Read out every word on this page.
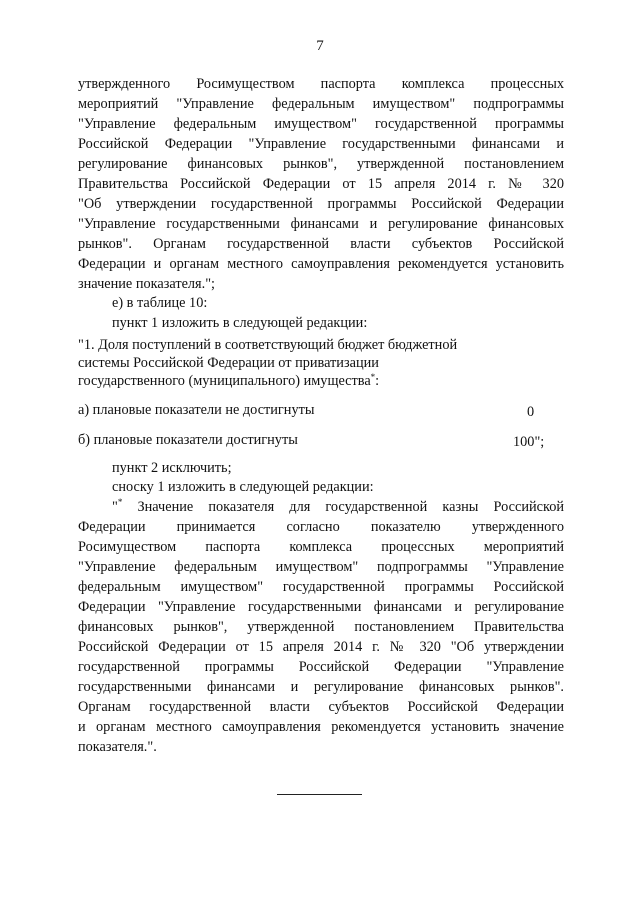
7
утвержденного Росимуществом паспорта комплекса процессных
мероприятий "Управление федеральным имуществом" подпрограммы
"Управление федеральным имуществом" государственной программы
Российской Федерации "Управление государственными финансами и
регулирование финансовых рынков", утвержденной постановлением
Правительства Российской Федерации от 15 апреля 2014 г. № 320
"Об утверждении государственной программы Российской Федерации
"Управление государственными финансами и регулирование финансовых
рынков". Органам государственной власти субъектов Российской
Федерации и органам местного самоуправления рекомендуется установить
значение показателя.";
е) в таблице 10:
пункт 1 изложить в следующей редакции:
"1. Доля поступлений в соответствующий бюджет бюджетной
системы Российской Федерации от приватизации
государственного (муниципального) имущества*:
а) плановые показатели не достигнуты	0
б) плановые показатели достигнуты	100";
пункт 2 исключить;
сноску 1 изложить в следующей редакции:
"* Значение показателя для государственной казны Российской
Федерации принимается согласно показателю утвержденного
Росимуществом паспорта комплекса процессных мероприятий
"Управление федеральным имуществом" подпрограммы "Управление
федеральным имуществом" государственной программы Российской
Федерации "Управление государственными финансами и регулирование
финансовых рынков", утвержденной постановлением Правительства
Российской Федерации от 15 апреля 2014 г. № 320 "Об утверждении
государственной программы Российской Федерации "Управление
государственными финансами и регулирование финансовых рынков".
Органам государственной власти субъектов Российской Федерации
и органам местного самоуправления рекомендуется установить значение
показателя.".
